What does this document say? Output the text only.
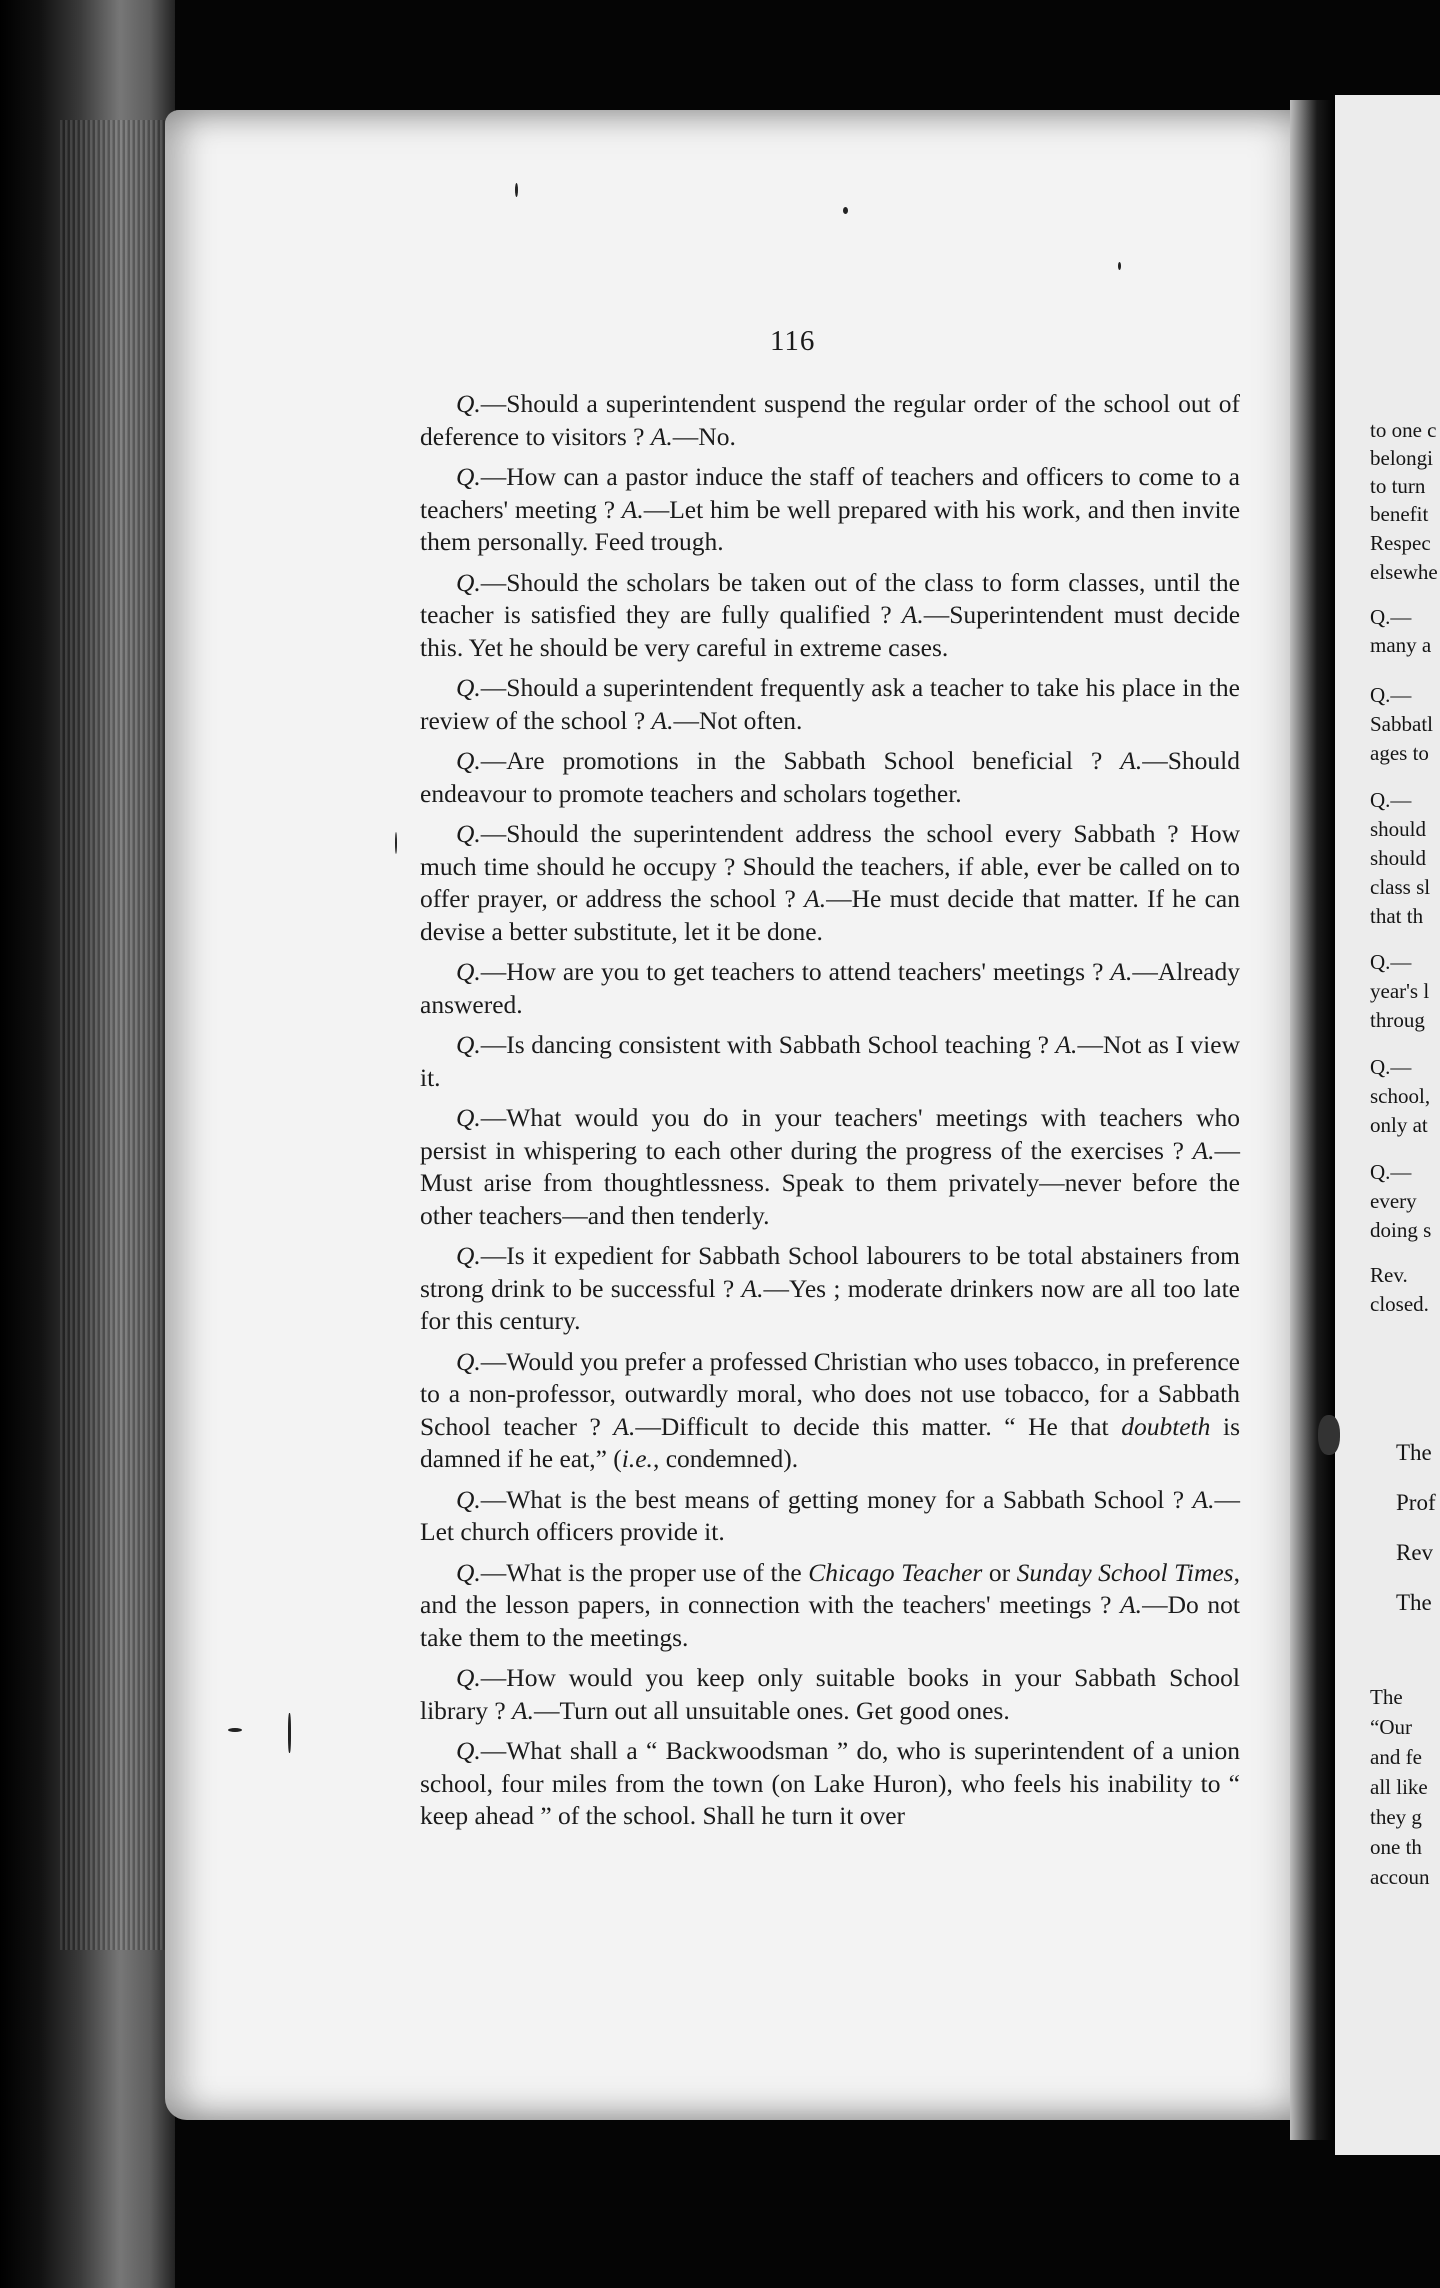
116

Q.—Should a superintendent suspend the regular order of the school out of deference to visitors ? A.—No.

Q.—How can a pastor induce the staff of teachers and officers to come to a teachers' meeting ? A.—Let him be well prepared with his work, and then invite them personally. Feed trough.

Q.—Should the scholars be taken out of the class to form classes, until the teacher is satisfied they are fully qualified ? A.—Superintendent must decide this. Yet he should be very careful in extreme cases.

Q.—Should a superintendent frequently ask a teacher to take his place in the review of the school ? A.—Not often.

Q.—Are promotions in the Sabbath School beneficial ? A.—Should endeavour to promote teachers and scholars together.

Q.—Should the superintendent address the school every Sabbath ? How much time should he occupy ? Should the teachers, if able, ever be called on to offer prayer, or address the school ? A.—He must decide that matter. If he can devise a better substitute, let it be done.

Q.—How are you to get teachers to attend teachers' meetings ? A.—Already answered.

Q.—Is dancing consistent with Sabbath School teaching ? A.—Not as I view it.

Q.—What would you do in your teachers' meetings with teachers who persist in whispering to each other during the progress of the exercises ? A.—Must arise from thoughtlessness. Speak to them privately—never before the other teachers—and then tenderly.

Q.—Is it expedient for Sabbath School labourers to be total abstainers from strong drink to be successful ? A.—Yes ; moderate drinkers now are all too late for this century.

Q.—Would you prefer a professed Christian who uses tobacco, in preference to a non-professor, outwardly moral, who does not use tobacco, for a Sabbath School teacher ? A.—Difficult to decide this matter. “ He that doubteth is damned if he eat,” (i.e., condemned).

Q.—What is the best means of getting money for a Sabbath School ? A.—Let church officers provide it.

Q.—What is the proper use of the Chicago Teacher or Sunday School Times, and the lesson papers, in connection with the teachers' meetings ? A.—Do not take them to the meetings.

Q.—How would you keep only suitable books in your Sabbath School library ? A.—Turn out all unsuitable ones. Get good ones.

Q.—What shall a “ Backwoodsman ” do, who is superintendent of a union school, four miles from the town (on Lake Huron), who feels his inability to “ keep ahead ” of the school. Shall he turn it over

to one c
belongi
to turn
benefit
Respec
elsewhe
Q.—
many a
Q.—
Sabbatl
ages to
Q.—
should
should
class sl
that th
Q.—
year's l
throug
Q.—
school,
only at
Q.—
every
doing s
Rev.
closed.
The
Prof
Rev
The
The
“Our
and fe
all like
they g
one th
accoun
